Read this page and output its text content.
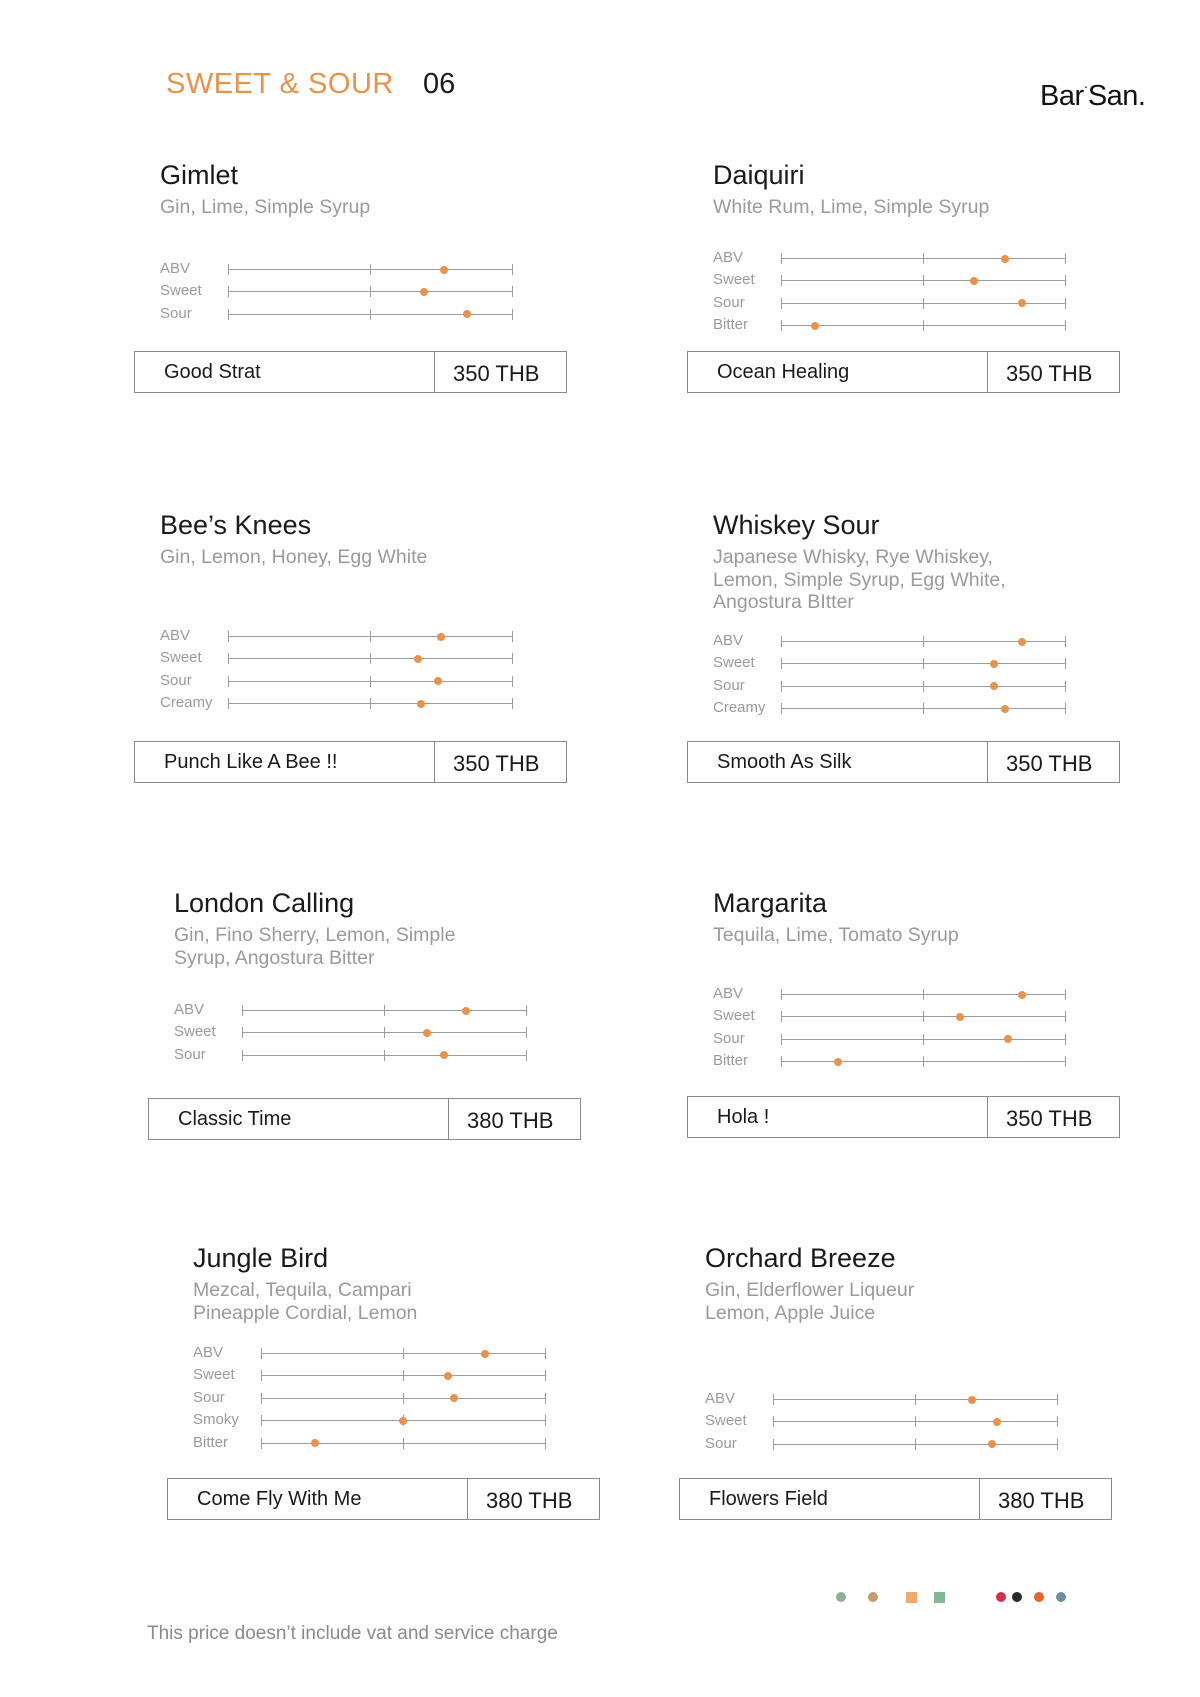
SWEET & SOUR 06	Bar·San.
Gimlet
Gin, Lime, Simple Syrup
ABV
Sweet
Sour
Good Strat	350 THB
Daiquiri
White Rum, Lime, Simple Syrup
ABV
Sweet
Sour
Bitter
Ocean Healing	350 THB
Bee’s Knees
Gin, Lemon, Honey, Egg White
ABV
Sweet
Sour
Creamy
Punch Like A Bee !!	350 THB
Whiskey Sour
Japanese Whisky, Rye Whiskey,
Lemon, Simple Syrup, Egg White,
Angostura BItter
ABV
Sweet
Sour
Creamy
Smooth As Silk	350 THB
London Calling
Gin, Fino Sherry, Lemon, Simple
Syrup, Angostura Bitter
ABV
Sweet
Sour
Classic Time	380 THB
Margarita
Tequila, Lime, Tomato Syrup
ABV
Sweet
Sour
Bitter
Hola !	350 THB
Jungle Bird
Mezcal, Tequila, Campari
Pineapple Cordial, Lemon
ABV
Sweet
Sour
Smoky
Bitter
Come Fly With Me	380 THB
Orchard Breeze
Gin, Elderflower Liqueur
Lemon, Apple Juice
ABV
Sweet
Sour
Flowers Field	380 THB
This price doesn’t include vat and service charge
